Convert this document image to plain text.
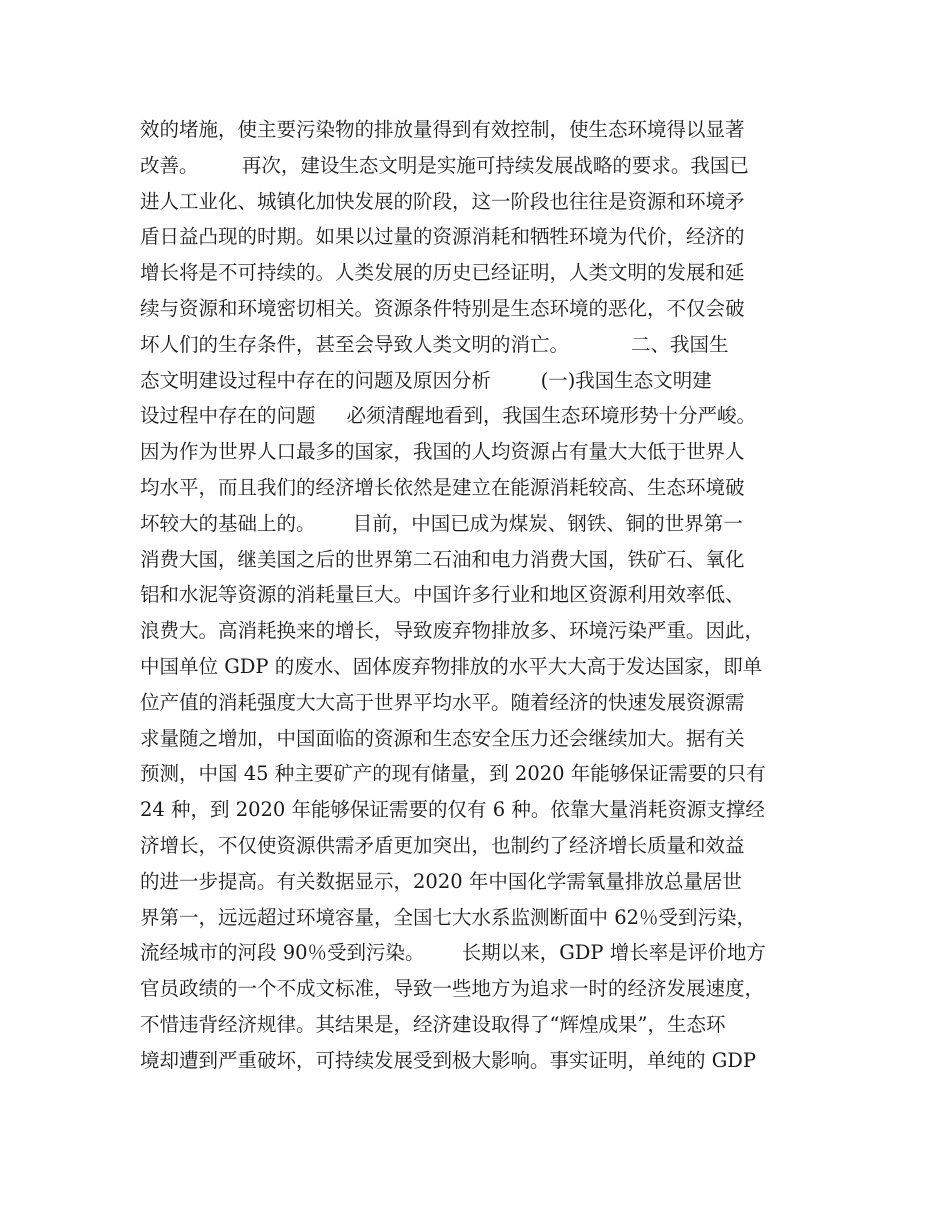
效的堵施，使主要污染物的排放量得到有效控制，使生态环境得以显著
改善。       再次，建设生态文明是实施可持续发展战略的要求。我国已
进人工业化、城镇化加快发展的阶段，这一阶段也往往是资源和环境矛
盾日益凸现的时期。如果以过量的资源消耗和牺牲环境为代价，经济的
增长将是不可持续的。人类发展的历史已经证明，人类文明的发展和延
续与资源和环境密切相关。资源条件特别是生态环境的恶化，不仅会破
坏人们的生存条件，甚至会导致人类文明的消亡。          二、我国生
态文明建设过程中存在的问题及原因分析        (一)我国生态文明建
设过程中存在的问题     必须清醒地看到，我国生态环境形势十分严峻。
因为作为世界人口最多的国家，我国的人均资源占有量大大低于世界人
均水平，而且我们的经济增长依然是建立在能源消耗较高、生态环境破
坏较大的基础上的。      目前，中国已成为煤炭、钢铁、铜的世界第一
消费大国，继美国之后的世界第二石油和电力消费大国，铁矿石、氧化
铝和水泥等资源的消耗量巨大。中国许多行业和地区资源利用效率低、
浪费大。高消耗换来的增长，导致废弃物排放多、环境污染严重。因此，
中国单位 GDP 的废水、固体废弃物排放的水平大大高于发达国家，即单
位产值的消耗强度大大高于世界平均水平。随着经济的快速发展资源需
求量随之增加，中国面临的资源和生态安全压力还会继续加大。据有关
预测，中国 45 种主要矿产的现有储量，到 2020 年能够保证需要的只有
24 种，到 2020 年能够保证需要的仅有 6 种。依靠大量消耗资源支撑经
济增长，不仅使资源供需矛盾更加突出，也制约了经济增长质量和效益
的进一步提高。有关数据显示，2020 年中国化学需氧量排放总量居世
界第一，远远超过环境容量，全国七大水系监测断面中 62％受到污染，
流经城市的河段 90％受到污染。      长期以来，GDP 增长率是评价地方
官员政绩的一个不成文标准，导致一些地方为追求一时的经济发展速度，
不惜违背经济规律。其结果是，经济建设取得了“辉煌成果”，生态环
境却遭到严重破坏，可持续发展受到极大影响。事实证明，单纯的 GDP
